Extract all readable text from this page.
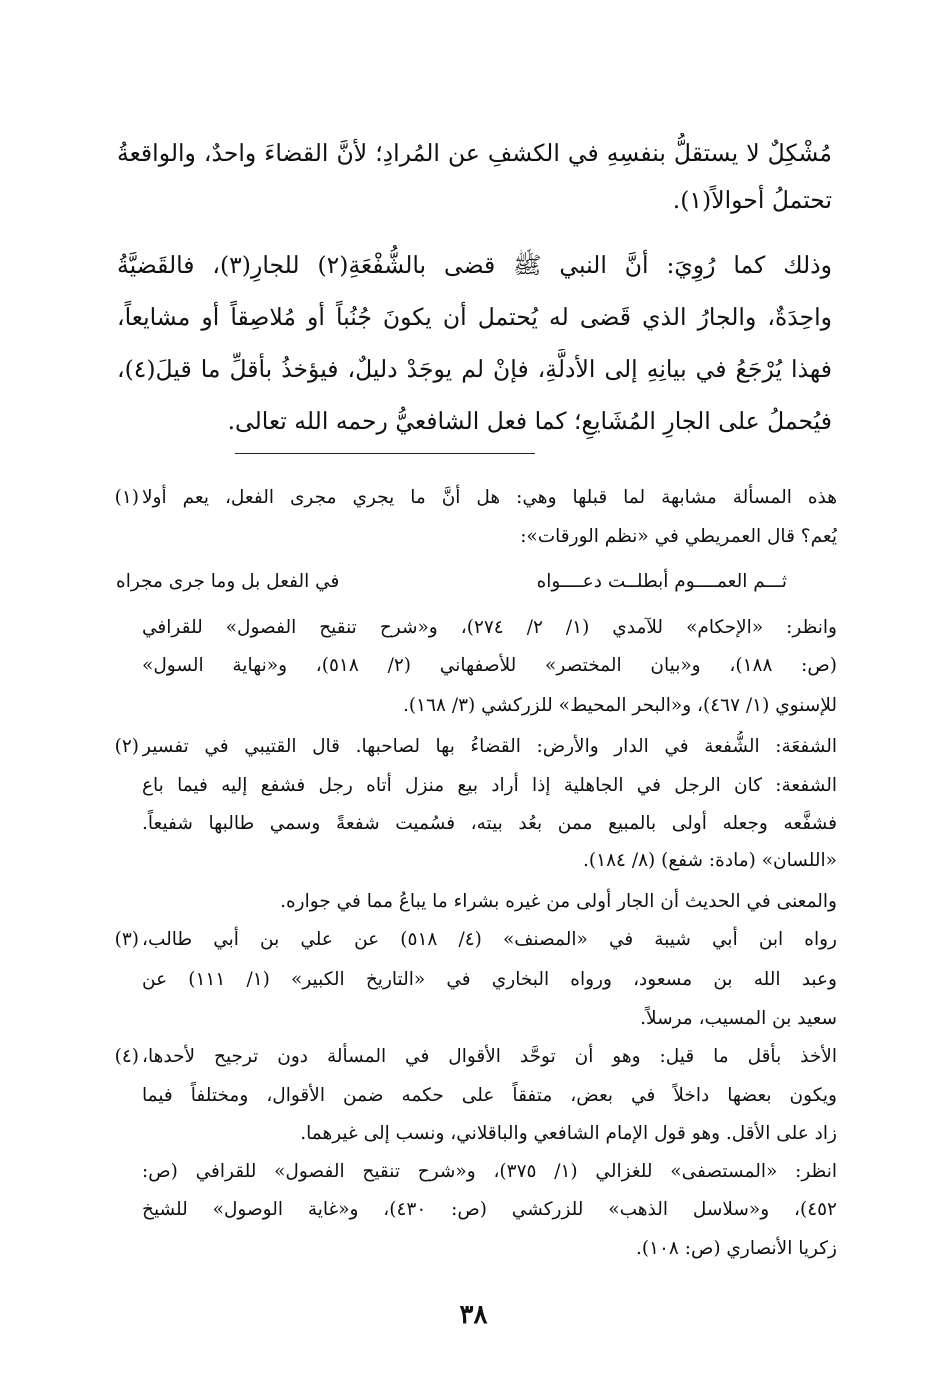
مُشْكِلٌ لا يستقلُّ بنفسِهِ في الكشفِ عن المُرادِ؛ لأنَّ القضاءَ واحدٌ، والواقعةُ
تحتملُ أحوالاً(١).
وذلك كما رُوِيَ: أنَّ النبي ﷺ قضى بالشُّفْعَةِ(٢) للجارِ(٣)، فالقَضيَّةُ
واحِدَةٌ، والجارُ الذي قَضى له يُحتمل أن يكونَ جُنُباً أو مُلاصِقاً أو مشايعاً،
فهذا يُرْجَعُ في بيانِهِ إلى الأدلَّةِ، فإنْ لم يوجَدْ دليلٌ، فيؤخذُ بأقلِّ ما قيلَ(٤)،
فيُحملُ على الجارِ المُشَايعِ؛ كما فعل الشافعيُّ رحمه الله تعالى.
(١) هذه المسألة مشابهة لما قبلها وهي: هل أنَّ ما يجري مجرى الفعل، يعم أولا
يُعم؟ قال العمريطي في «نظم الورقات»:
ثـــم العمــــوم أبطلــت دعــــواه
في الفعل بل وما جرى مجراه
وانظر: «الإحكام» للآمدي (١/ ٢/ ٢٧٤)، و«شرح تنقيح الفصول» للقرافي
(ص: ١٨٨)، و«بيان المختصر» للأصفهاني (٢/ ٥١٨)، و«نهاية السول»
للإسنوي (١/ ٤٦٧)، و«البحر المحيط» للزركشي (٣/ ١٦٨).
(٢) الشفعَة: الشُّفعة في الدار والأرض: القضاءُ بها لصاحبها. قال القتيبي في تفسير
الشفعة: كان الرجل في الجاهلية إذا أراد بيع منزل أتاه رجل فشفع إليه فيما باع
فشفَّعه وجعله أولى بالمبيع ممن بعُد بيته، فسُميت شفعةً وسمي طالبها شفيعاً.
«اللسان» (مادة: شفع) (٨/ ١٨٤).
والمعنى في الحديث أن الجار أولى من غيره بشراء ما يباعُ مما في جواره.
(٣) رواه ابن أبي شيبة في «المصنف» (٤/ ٥١٨) عن علي بن أبي طالب،
وعبد الله بن مسعود، ورواه البخاري في «التاريخ الكبير» (١/ ١١١) عن
سعيد بن المسيب، مرسلاً.
(٤) الأخذ بأقل ما قيل: وهو أن توحَّد الأقوال في المسألة دون ترجيح لأحدها،
ويكون بعضها داخلاً في بعض، متفقاً على حكمه ضمن الأقوال، ومختلفاً فيما
زاد على الأقل. وهو قول الإمام الشافعي والباقلاني، ونسب إلى غيرهما.
انظر: «المستصفى» للغزالي (١/ ٣٧٥)، و«شرح تنقيح الفصول» للقرافي (ص:
٤٥٢)، و«سلاسل الذهب» للزركشي (ص: ٤٣٠)، و«غاية الوصول» للشيخ
زكريا الأنصاري (ص: ١٠٨).
٣٨
